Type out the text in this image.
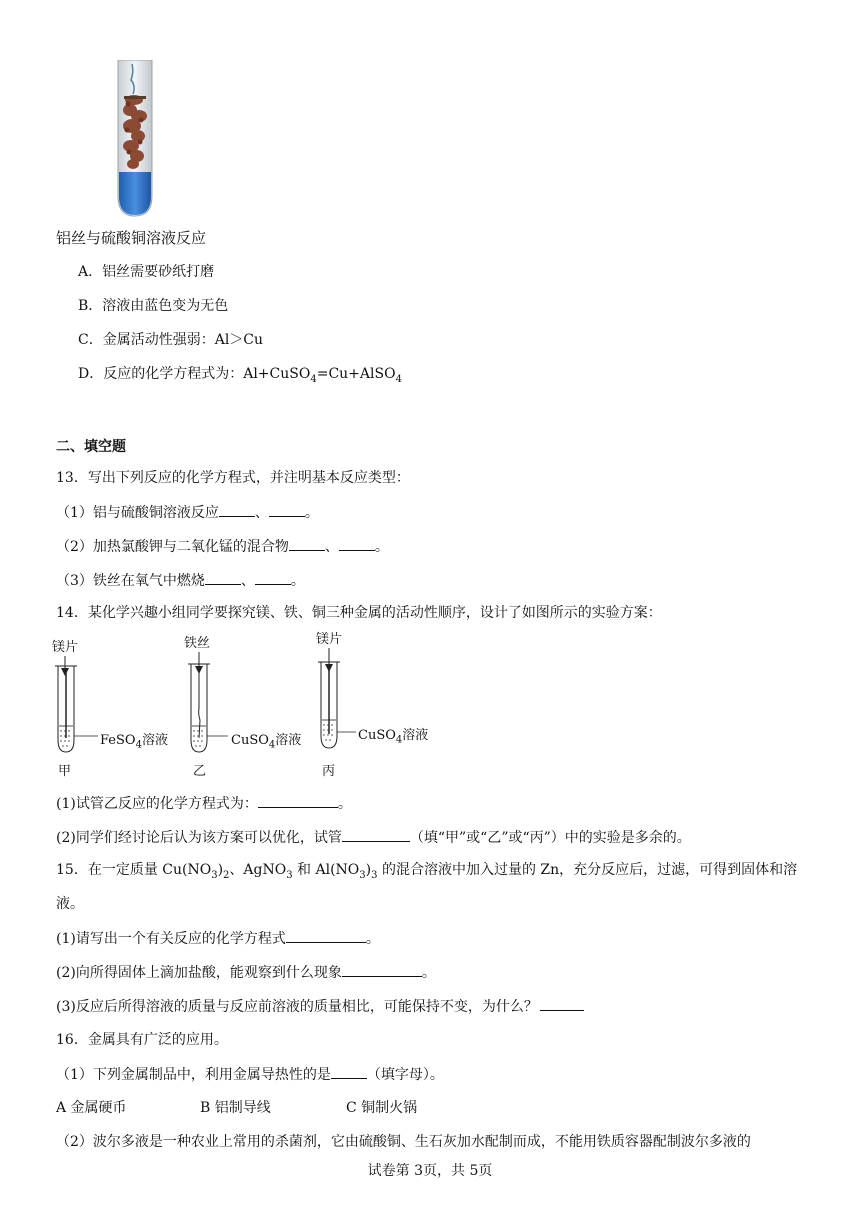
铝丝与硫酸铜溶液反应
A．铝丝需要砂纸打磨
B．溶液由蓝色变为无色
C．金属活动性强弱：Al＞Cu
D．反应的化学方程式为：Al+CuSO$_4$=Cu+AlSO$_4$
二、填空题
13．写出下列反应的化学方程式，并注明基本反应类型：
（1）铝与硫酸铜溶液反应	、	。
（2）加热氯酸钾与二氧化锰的混合物	、	。
（3）铁丝在氧气中燃烧	、	。
14．某化学兴趣小组同学要探究镁、铁、铜三种金属的活动性顺序，设计了如图所示的实验方案：
镁片
FeSO$_4$溶液
甲
铁丝
CuSO$_4$溶液
乙
镁片
CuSO$_4$溶液
丙
(1)试管乙反应的化学方程式为：	。
(2)同学们经讨论后认为该方案可以优化，试管	（填“甲”或“乙”或“丙”）中的实验是多余的。
15．在一定质量 $Cu(NO_3)_2$、AgNO$_3$ 和 $Al(NO_3)_3$ 的混合溶液中加入过量的 Zn，充分反应后，过滤，可得到固体和溶
液。
(1)请写出一个有关反应的化学方程式	。
(2)向所得固体上滴加盐酸，能观察到什么现象	。
(3)反应后所得溶液的质量与反应前溶液的质量相比，可能保持不变，为什么？
16．金属具有广泛的应用。
（1）下列金属制品中，利用金属导热性的是	（填字母）。
A 金属硬币	B 铝制导线	C 铜制火锅
（2）波尔多液是一种农业上常用的杀菌剂，它由硫酸铜、生石灰加水配制而成，不能用铁质容器配制波尔多液的
试卷第 3页，共 5页
